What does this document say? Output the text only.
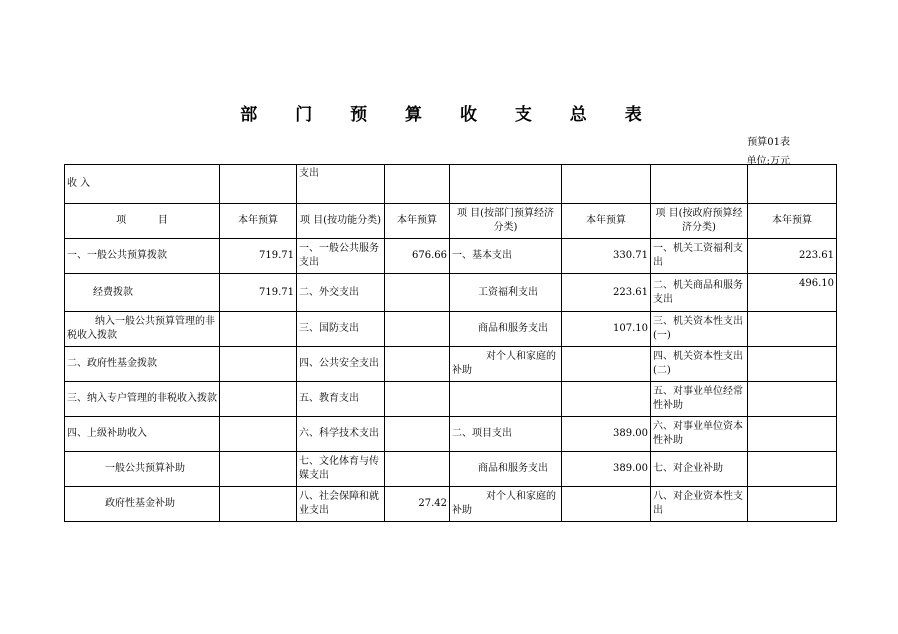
部 门 预 算 收 支 总 表
预算01表
单位:万元
收 入		支出					
项          目	本年预算	项 目(按功能分类)	本年预算	项 目(按部门预算经济分类)	本年预算	项 目(按政府预算经济分类)	本年预算
一、一般公共预算拨款	719.71	一、一般公共服务支出	676.66	一、基本支出	330.71	一、机关工资福利支出	223.61
经费拨款	719.71	二、外交支出		工资福利支出	223.61	二、机关商品和服务支出	496.10
纳入一般公共预算管理的非税收入拨款		三、国防支出		商品和服务支出	107.10	三、机关资本性支出(一)	
二、政府性基金拨款		四、公共安全支出		对个人和家庭的补助		四、机关资本性支出(二)	
三、纳入专户管理的非税收入拨款		五、教育支出				五、对事业单位经常性补助	
四、上级补助收入		六、科学技术支出		二、项目支出	389.00	六、对事业单位资本性补助	
一般公共预算补助		七、文化体育与传媒支出		商品和服务支出	389.00	七、对企业补助	
政府性基金补助		八、社会保障和就业支出	27.42	对个人和家庭的补助		八、对企业资本性支出	
